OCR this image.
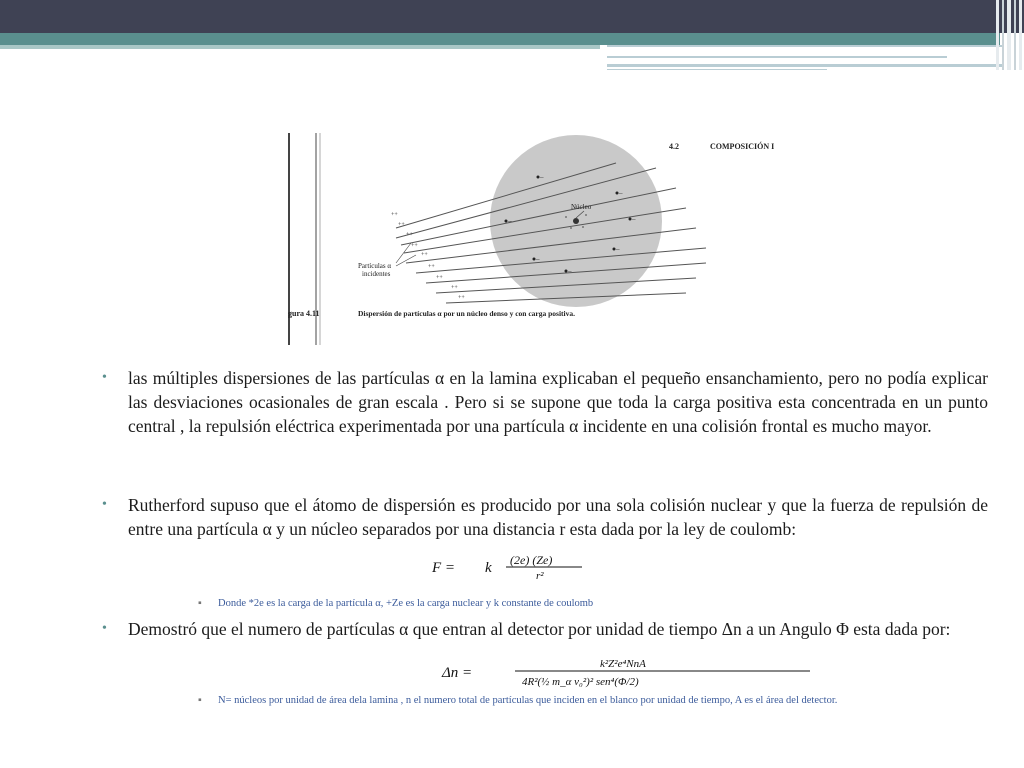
4.2	COMPOSICIÓN I
Núcleo
–
–
–	–
–
–
–
++
++
++
++
++
++
++
++
++
Partículas α
incidentes
gura 4.11	Dispersión de partículas α por un núcleo denso y con carga positiva.
• las múltiples dispersiones de las partículas α en la lamina explicaban el pequeño ensanchamiento, pero no podía explicar las desviaciones ocasionales de gran escala . Pero si se supone que toda la carga positiva esta concentrada en un punto central , la repulsión eléctrica experimentada por una partícula α incidente en una colisión frontal es mucho mayor.
• Rutherford supuso que el átomo de dispersión es producido por una sola colisión nuclear y que la fuerza de repulsión de entre una partícula α y un núcleo separados por una distancia r esta dada por la ley de coulomb:
F = k (2e) (Ze)
r²
▪ Donde *2e es la carga de la partícula α, +Ze es la carga nuclear y k constante de coulomb
• Demostró que el numero de partículas α que entran al detector por unidad de tiempo Δn a un Angulo Φ esta dada por:
Δn =
k²Z²e⁴NnA
4R²(½ m_α v₀²)² sen⁴(Φ/2)
▪ N= núcleos por unidad de área dela lamina , n el numero total de partículas que inciden en el blanco por unidad de tiempo, A es el área del detector.
